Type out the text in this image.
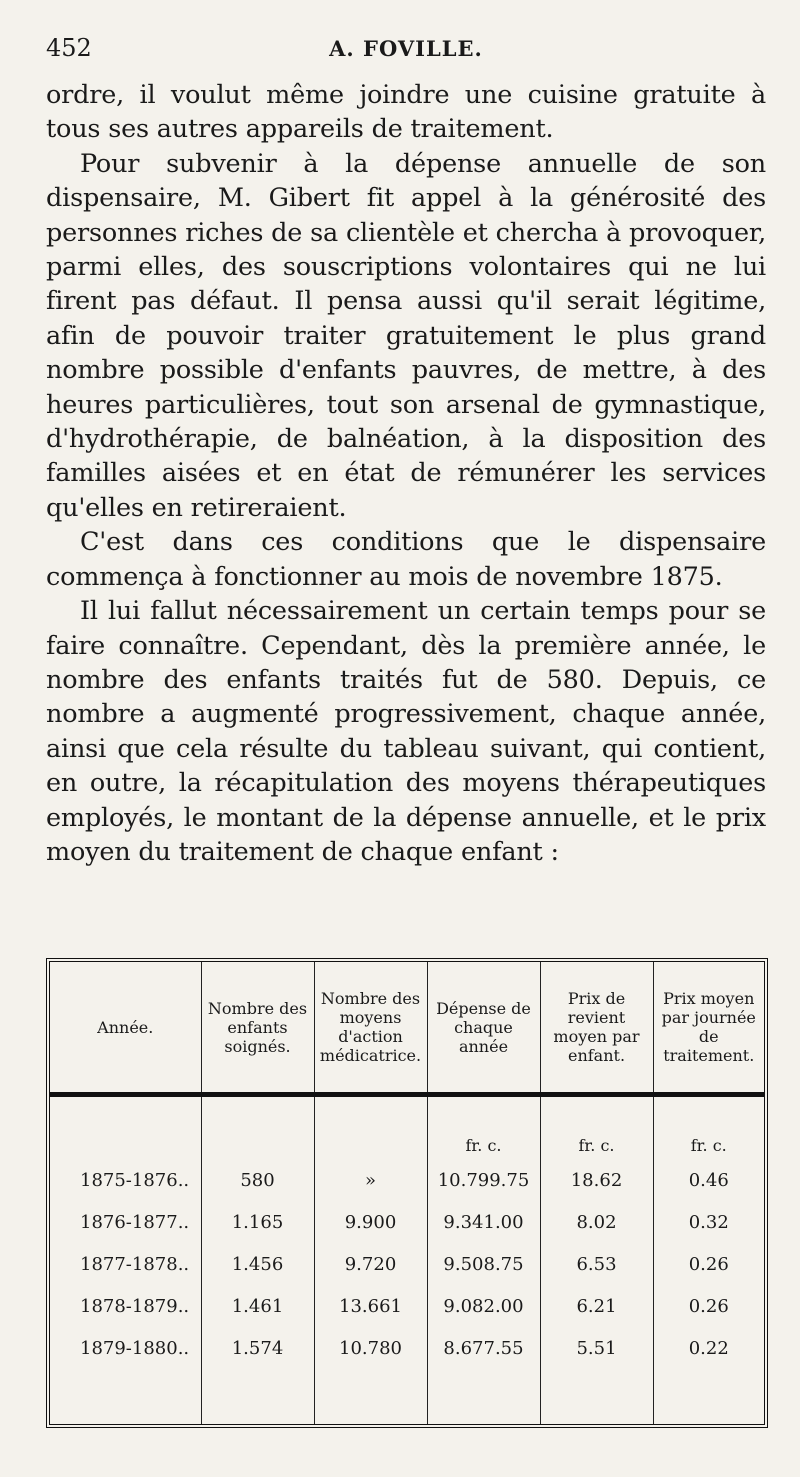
452	A. FOVILLE.

ordre, il voulut même joindre une cuisine gratuite à tous ses autres appareils de traitement.

Pour subvenir à la dépense annuelle de son dispensaire, M. Gibert fit appel à la générosité des personnes riches de sa clientèle et chercha à provoquer, parmi elles, des souscriptions volontaires qui ne lui firent pas défaut. Il pensa aussi qu'il serait légitime, afin de pouvoir traiter gratuitement le plus grand nombre possible d'enfants pauvres, de mettre, à des heures particulières, tout son arsenal de gymnastique, d'hydrothérapie, de balnéation, à la disposition des familles aisées et en état de rémunérer les services qu'elles en retireraient.

C'est dans ces conditions que le dispensaire commença à fonctionner au mois de novembre 1875.

Il lui fallut nécessairement un certain temps pour se faire connaître. Cependant, dès la première année, le nombre des enfants traités fut de 580. Depuis, ce nombre a augmenté progressivement, chaque année, ainsi que cela résulte du tableau suivant, qui contient, en outre, la récapitulation des moyens thérapeutiques employés, le montant de la dépense annuelle, et le prix moyen du traitement de chaque enfant :

Année.	Nombre des enfants soignés.	Nombre des moyens d'action médicatrice.	Dépense de chaque année	Prix de revient moyen par enfant.	Prix moyen par journée de traitement.
			fr. c.	fr. c.	fr. c.
1875-1876..	580	»	10.799.75	18.62	0.46
1876-1877..	1.165	9.900	9.341.00	8.02	0.32
1877-1878..	1.456	9.720	9.508.75	6.53	0.26
1878-1879..	1.461	13.661	9.082.00	6.21	0.26
1879-1880..	1.574	10.780	8.677.55	5.51	0.22
